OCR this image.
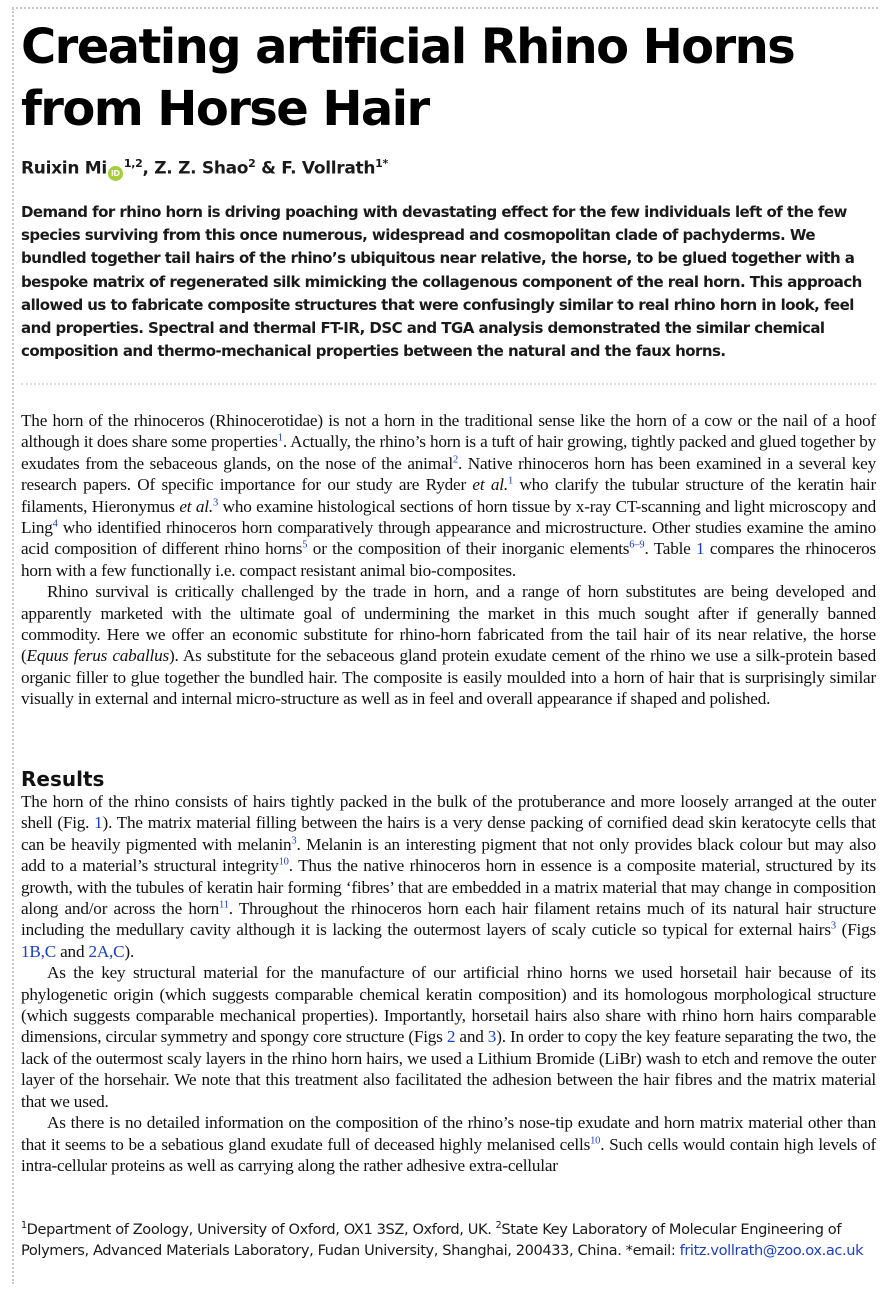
Creating artificial Rhino Horns from Horse Hair
Ruixin Mi iD$^{1,2}$, Z. Z. Shao$^2$ & F. Vollrath$^{1*}$

Demand for rhino horn is driving poaching with devastating effect for the few individuals left of the few species surviving from this once numerous, widespread and cosmopolitan clade of pachyderms. We bundled together tail hairs of the rhino’s ubiquitous near relative, the horse, to be glued together with a bespoke matrix of regenerated silk mimicking the collagenous component of the real horn. This approach allowed us to fabricate composite structures that were confusingly similar to real rhino horn in look, feel and properties. Spectral and thermal FT-IR, DSC and TGA analysis demonstrated the similar chemical composition and thermo-mechanical properties between the natural and the faux horns.

The horn of the rhinoceros (Rhinocerotidae) is not a horn in the traditional sense like the horn of a cow or the nail of a hoof although it does share some properties$^1$. Actually, the rhino’s horn is a tuft of hair growing, tightly packed and glued together by exudates from the sebaceous glands, on the nose of the animal$^2$. Native rhinoceros horn has been examined in a several key research papers. Of specific importance for our study are Ryder et al.$^1$ who clarify the tubular structure of the keratin hair filaments, Hieronymus et al.$^3$ who examine histological sections of horn tissue by x-ray CT-scanning and light microscopy and Ling$^4$ who identified rhinoceros horn comparatively through appearance and microstructure. Other studies examine the amino acid composition of different rhino horns$^5$ or the composition of their inorganic elements$^{6-9}$. Table 1 compares the rhinoceros horn with a few functionally i.e. compact resistant animal bio-composites.

Rhino survival is critically challenged by the trade in horn, and a range of horn substitutes are being developed and apparently marketed with the ultimate goal of undermining the market in this much sought after if generally banned commodity. Here we offer an economic substitute for rhino-horn fabricated from the tail hair of its near relative, the horse (Equus ferus caballus). As substitute for the sebaceous gland protein exudate cement of the rhino we use a silk-protein based organic filler to glue together the bundled hair. The composite is easily moulded into a horn of hair that is surprisingly similar visually in external and internal micro-structure as well as in feel and overall appearance if shaped and polished.

Results

The horn of the rhino consists of hairs tightly packed in the bulk of the protuberance and more loosely arranged at the outer shell (Fig. 1). The matrix material filling between the hairs is a very dense packing of cornified dead skin keratocyte cells that can be heavily pigmented with melanin$^3$. Melanin is an interesting pigment that not only provides black colour but may also add to a material’s structural integrity$^{10}$. Thus the native rhinoceros horn in essence is a composite material, structured by its growth, with the tubules of keratin hair forming ‘fibres’ that are embedded in a matrix material that may change in composition along and/or across the horn$^{11}$. Throughout the rhinoceros horn each hair filament retains much of its natural hair structure including the medullary cavity although it is lacking the outermost layers of scaly cuticle so typical for external hairs$^3$ (Figs 1B,C and 2A,C).

As the key structural material for the manufacture of our artificial rhino horns we used horsetail hair because of its phylogenetic origin (which suggests comparable chemical keratin composition) and its homologous morphological structure (which suggests comparable mechanical properties). Importantly, horsetail hairs also share with rhino horn hairs comparable dimensions, circular symmetry and spongy core structure (Figs 2 and 3). In order to copy the key feature separating the two, the lack of the outermost scaly layers in the rhino horn hairs, we used a Lithium Bromide (LiBr) wash to etch and remove the outer layer of the horsehair. We note that this treatment also facilitated the adhesion between the hair fibres and the matrix material that we used.

As there is no detailed information on the composition of the rhino’s nose-tip exudate and horn matrix material other than that it seems to be a sebatious gland exudate full of deceased highly melanised cells$^{10}$. Such cells would contain high levels of intra-cellular proteins as well as carrying along the rather adhesive extra-cellular

$^1$Department of Zoology, University of Oxford, OX1 3SZ, Oxford, UK. $^2$State Key Laboratory of Molecular Engineering of Polymers, Advanced Materials Laboratory, Fudan University, Shanghai, 200433, China. *email: fritz.vollrath@zoo.ox.ac.uk
